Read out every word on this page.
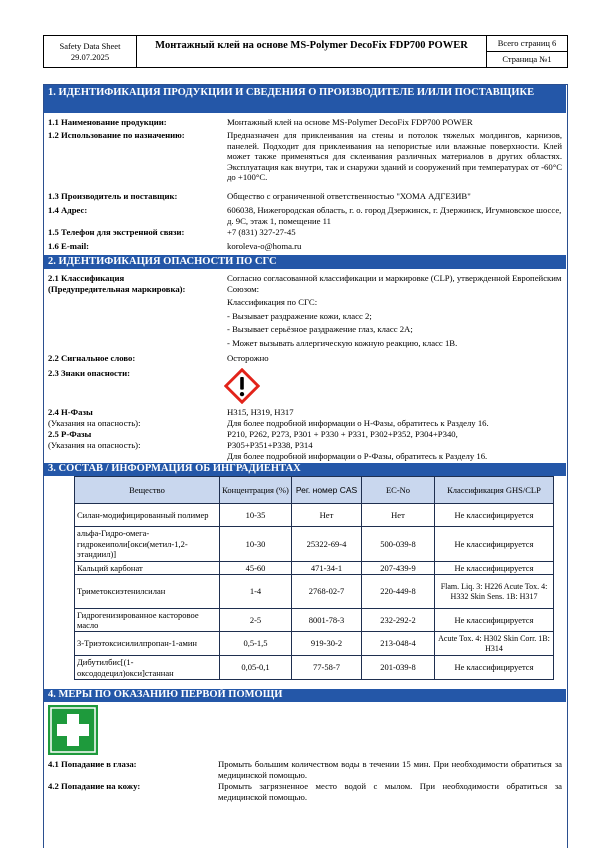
Safety Data Sheet
29.07.2025
Монтажный клей на основе MS-Polymer DecoFix FDP700 POWER	Всего страниц 6
Страница №1
1. ИДЕНТИФИКАЦИЯ ПРОДУКЦИИ И СВЕДЕНИЯ О ПРОИЗВОДИТЕЛЕ И/ИЛИ ПОСТАВЩИКЕ
1.1 Наименование продукции:	Монтажный клей на основе MS-Polymer DecoFix FDP700 POWER
1.2 Использование по назначению:	Предназначен для приклеивания на стены и потолок тяжелых молдингов, карнизов, панелей. Подходит для приклеивания на непористые или влажные поверхности. Клей может также применяться для склеивания различных материалов в других областях. Эксплуатация как внутри, так и снаружи зданий и сооружений при температурах от -60°С до +100°С.
1.3 Производитель и поставщик:	Общество с ограниченной ответственностью "ХОМА АДГЕЗИВ"
1.4 Адрес:	606038, Нижегородская область, г. о. город Дзержинск, г. Дзержинск, Игумновское шоссе, д. 9С, этаж 1, помещение 11
1.5 Телефон для экстренной связи:	+7 (831) 327-27-45
1.6 E-mail:	koroleva-o@homa.ru
2. ИДЕНТИФИКАЦИЯ ОПАСНОСТИ ПО СГС
2.1 Классификация
(Предупредительная маркировка):
Согласно согласованной классификации и маркировке (CLP), утвержденной Европейским Союзом:
Классификация по СГС:
- Вызывает раздражение кожи, класс 2;
- Вызывает серьёзное раздражение глаз, класс 2А;
- Может вызывать аллергическую кожную реакцию, класс 1B.
2.2 Сигнальное слово:	Осторожно
2.3 Знаки опасности:
2.4 H-Фазы
(Указания на опасность):
H315, H319, H317
Для более подробной информации о H-Фазы, обратитесь к Разделу 16.
2.5 P-Фазы
(Указания на опасность):
P210, P262, P273, P301 + P330 + P331, P302+P352, P304+P340,
P305+P351+P338, P314
Для более подробной информации о Р-Фазы, обратитесь к Разделу 16.
3. СОСТАВ / ИНФОРМАЦИЯ ОБ ИНГРАДИЕНТАХ
Вещество	Концентрация (%)	Рег. номер CAS	EC-No	Классификация GHS/CLP
Силан-модифицированный полимер	10-35	Нет	Нет	Не классифицируется
альфа-Гидро-омега-гидрокеиполи[окси(метил-1,2-этандиил)]	10-30	25322-69-4	500-039-8	Не классифицируется
Кальций карбонат	45-60	471-34-1	207-439-9	Не классифицируется
Триметоксиэтенилсилан	1-4	2768-02-7	220-449-8	Flam. Liq. 3: H226 Acute Tox. 4: H332 Skin Sens. 1B: H317
Гидрогенизированное касторовое масло	2-5	8001-78-3	232-292-2	Не классифицируется
3-Триэтоксисилилпропан-1-амин	0,5-1,5	919-30-2	213-048-4	Acute Tox. 4: H302 Skin Corr. 1B: H314
Дибутилбис[(1-оксододецил)окси]станнан	0,05-0,1	77-58-7	201-039-8	Не классифицируется
4. МЕРЫ ПО ОКАЗАНИЮ ПЕРВОЙ ПОМОЩИ
4.1 Попадание в глаза:	Промыть большим количеством воды в течении 15 мин. При необходимости обратиться за медицинской помощью.
4.2 Попадание на кожу:	Промыть загрязненное место водой с мылом. При необходимости обратиться за медицинской помощью.
